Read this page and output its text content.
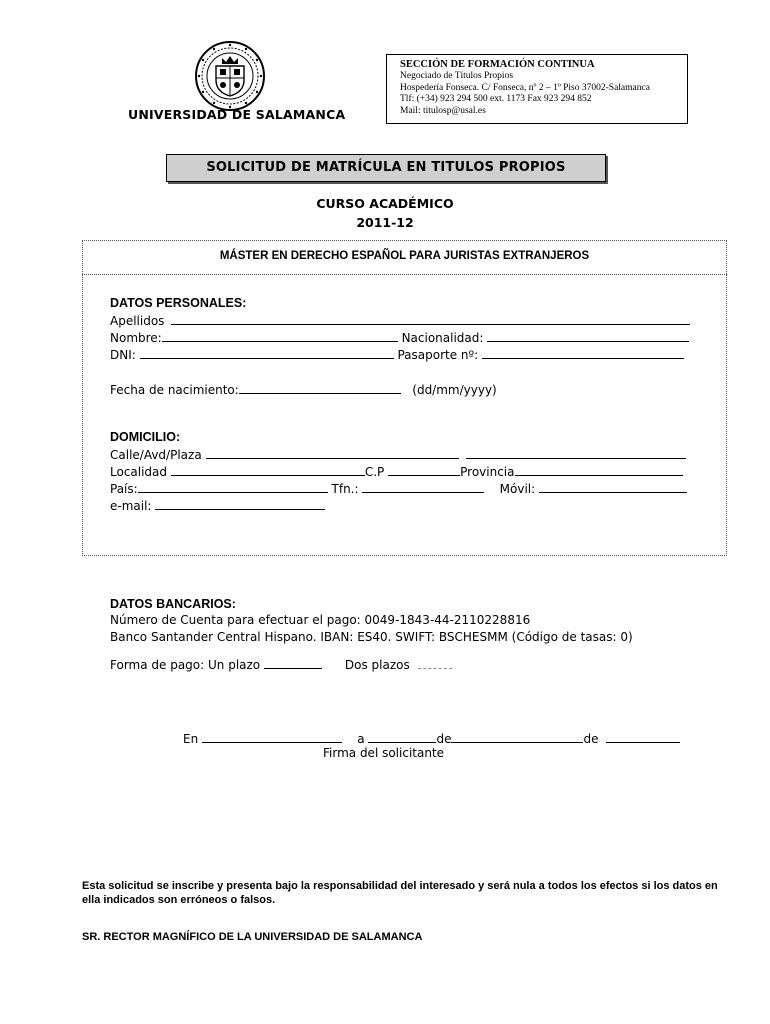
UNIVERSIDAD DE SALAMANCA
SECCIÓN DE FORMACIÓN CONTINUA
Negociado de Títulos Propios
Hospedería Fonseca. C/ Fonseca, nº 2 – 1º Piso 37002-Salamanca
Tlf: (+34) 923 294 500 ext. 1173 Fax 923 294 852
Mail: titulosp@usal.es
SOLICITUD DE MATRÍCULA EN TITULOS PROPIOS
CURSO ACADÉMICO
2011-12
MÁSTER EN DERECHO ESPAÑOL PARA JURISTAS EXTRANJEROS
DATOS PERSONALES:
Apellidos
Nombre:	Nacionalidad:
DNI:	Pasaporte nº:
Fecha de nacimiento:	(dd/mm/yyyy)
DOMICILIO:
Calle/Avd/Plaza
Localidad	C.P	Provincia
País:	Tfn.:	Móvil:
e-mail:
DATOS BANCARIOS:
Número de Cuenta para efectuar el pago: 0049-1843-44-2110228816
Banco Santander Central Hispano. IBAN: ES40. SWIFT: BSCHESMM (Código de tasas: 0)
Forma de pago: Un plazo	Dos plazos
En	a	de	de
Firma del solicitante
Esta solicitud se inscribe y presenta bajo la responsabilidad del interesado y será nula a todos los efectos si los datos en ella indicados son erróneos o falsos.
SR. RECTOR MAGNÍFICO DE LA UNIVERSIDAD DE SALAMANCA
